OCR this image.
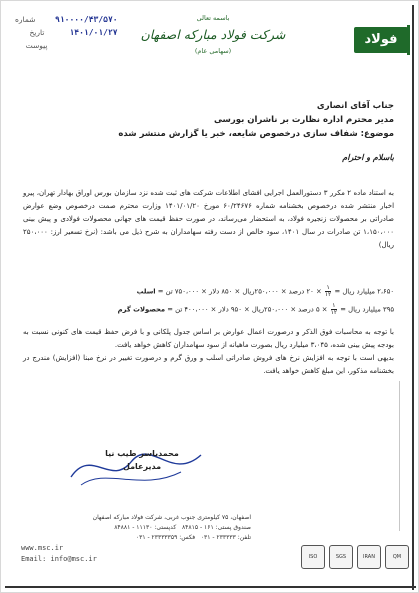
۹۱۰۰۰۰/۴۳/۵۷۰
شماره
۱۴۰۱/۰۱/۲۷
تاریخ
پیوست
باسمه تعالی
شرکت فولاد مبارکه اصفهان
(سهامی عام)
فولاد
جناب آقای انصاری
مدیر محترم اداره نظارت بر ناشران بورسی
موضوع: شفاف سازی درخصوص شایعه، خبر یا گزارش منتشر شده
باسلام و احترام
به استناد ماده ۲ مکرر ۳ دستورالعمل اجرایی افشای اطلاعات شرکت های ثبت شده نزد سازمان بورس اوراق بهادار تهران، پیرو اخبار منتشر شده درخصوص بخشنامه شماره ۶۰/۲۴۶۷۶ مورخ ۱۴۰۱/۰۱/۲۰ وزارت محترم صمت درخصوص وضع عوارض صادراتی بر محصولات زنجیره فولاد، به استحضار می‌رساند، در صورت حفظ قیمت های جهانی محصولات فولادی و پیش بینی ۱،۱۵۰،۰۰۰ تن صادرات در سال ۱۴۰۱، سود خالص از دست رفته سهامداران به شرح ذیل می باشد: (نرخ تسعیر ارز: ۲۵۰،۰۰۰ ریال)
۲،۶۵۰ میلیارد ریال =
$\frac{۱}{۱۲}$
× ۲۰ درصد × ۲۵۰،۰۰۰ریال × ۸۵۰ دلار × ۷۵۰،۰۰۰ تن = اسلب
۳۹۵ میلیارد ریال =
$\frac{۱}{۱۲}$
× ۵ درصد × ۲۵۰،۰۰۰ریال × ۹۵۰ دلار × ۴۰۰،۰۰۰ تن = محصولات گرم
با توجه به محاسبات فوق الذکر و درصورت اعمال عوارض بر اساس جدول پلکانی و با فرض حفظ قیمت های کنونی نسبت به بودجه پیش بینی شده، ۳،۰۴۵ میلیارد ریال بصورت ماهیانه از سود سهامداران کاهش خواهد یافت.
بدیهی است با توجه به افزایش نرخ های فروش صادراتی اسلب و ورق گرم و درصورت تغییر در نرخ مبنا (افزایش) مندرج در بخشنامه مذکور، این مبلغ کاهش خواهد یافت.
محمدیاسر طیب نیا
مدیرعامل
اصفهان، ۷۵ کیلومتری جنوب غربی، شرکت فولاد مبارکه اصفهان
صندوق پستی: ۱۶۱ - ۸۴۸۱۵   کدپستی: ۱۱۱۳۰ - ۸۴۸۸۱
تلفن: ۲۳۳۳۳۳ - ۰۳۱   فکس: ۲۳۳۳۳۳۵۹ - ۰۳۱
www.msc.ir
Email: info@msc.ir	ISO	SGS	IRAN	QM
